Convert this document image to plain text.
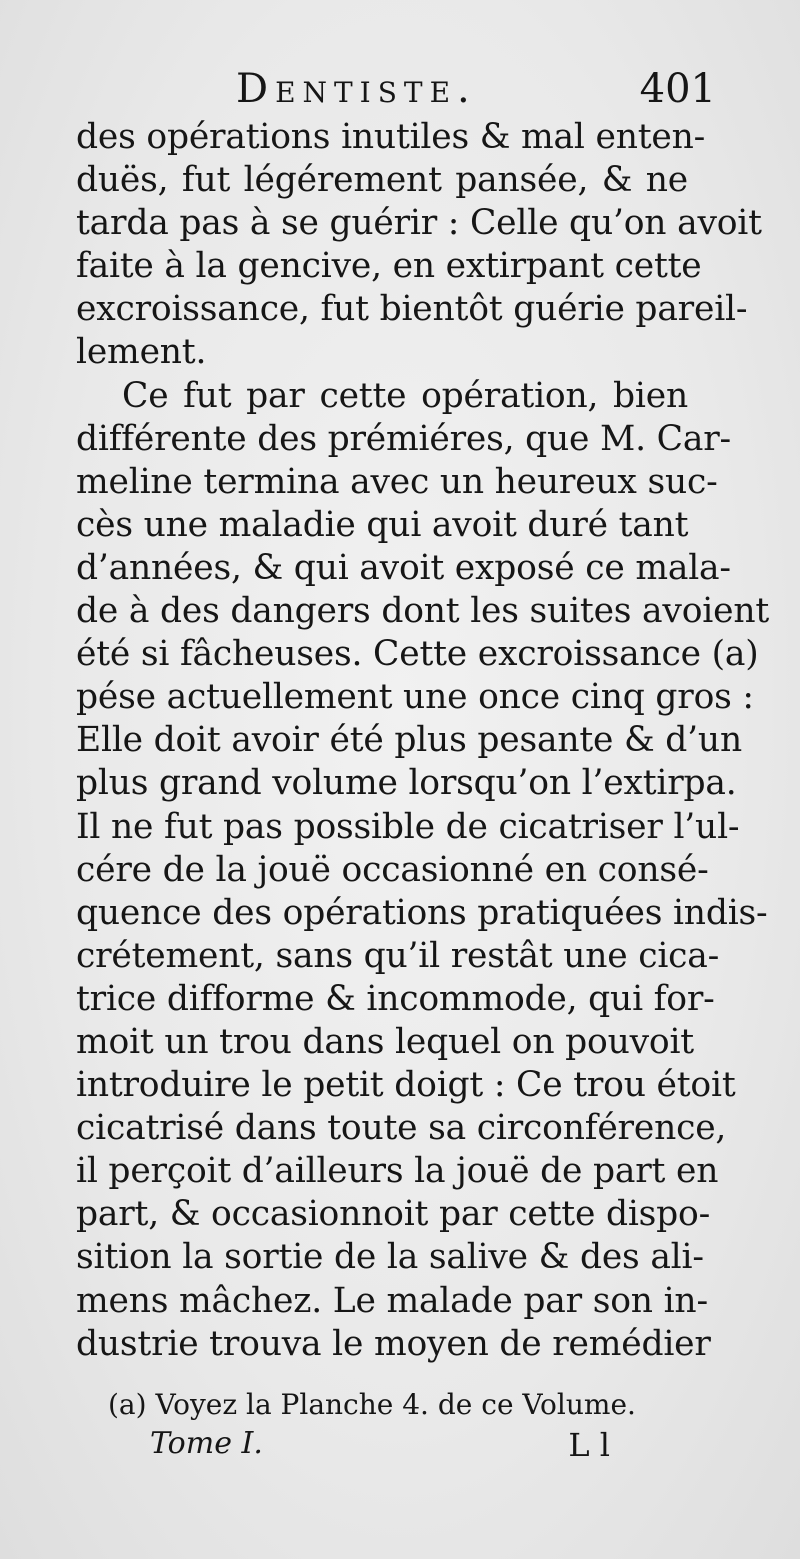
Dentiste.	401
des opérations inutiles & mal enten-
duës, fut légérement pansée, & ne
tarda pas à se guérir : Celle qu’on avoit
faite à la gencive, en extirpant cette
excroissance, fut bientôt guérie pareil-
lement.
Ce fut par cette opération, bien
différente des prémiéres, que M. Car-
meline termina avec un heureux suc-
cès une maladie qui avoit duré tant
d’années, & qui avoit exposé ce mala-
de à des dangers dont les suites avoient
été si fâcheuses. Cette excroissance (a)
pése actuellement une once cinq gros :
Elle doit avoir été plus pesante & d’un
plus grand volume lorsqu’on l’extirpa.
Il ne fut pas possible de cicatriser l’ul-
cére de la jouë occasionné en consé-
quence des opérations pratiquées indis-
crétement, sans qu’il restât une cica-
trice difforme & incommode, qui for-
moit un trou dans lequel on pouvoit
introduire le petit doigt : Ce trou étoit
cicatrisé dans toute sa circonférence,
il perçoit d’ailleurs la jouë de part en
part, & occasionnoit par cette dispo-
sition la sortie de la salive & des ali-
mens mâchez. Le malade par son in-
dustrie trouva le moyen de remédier
(a) Voyez la Planche 4. de ce Volume.
Tome I.	L l
